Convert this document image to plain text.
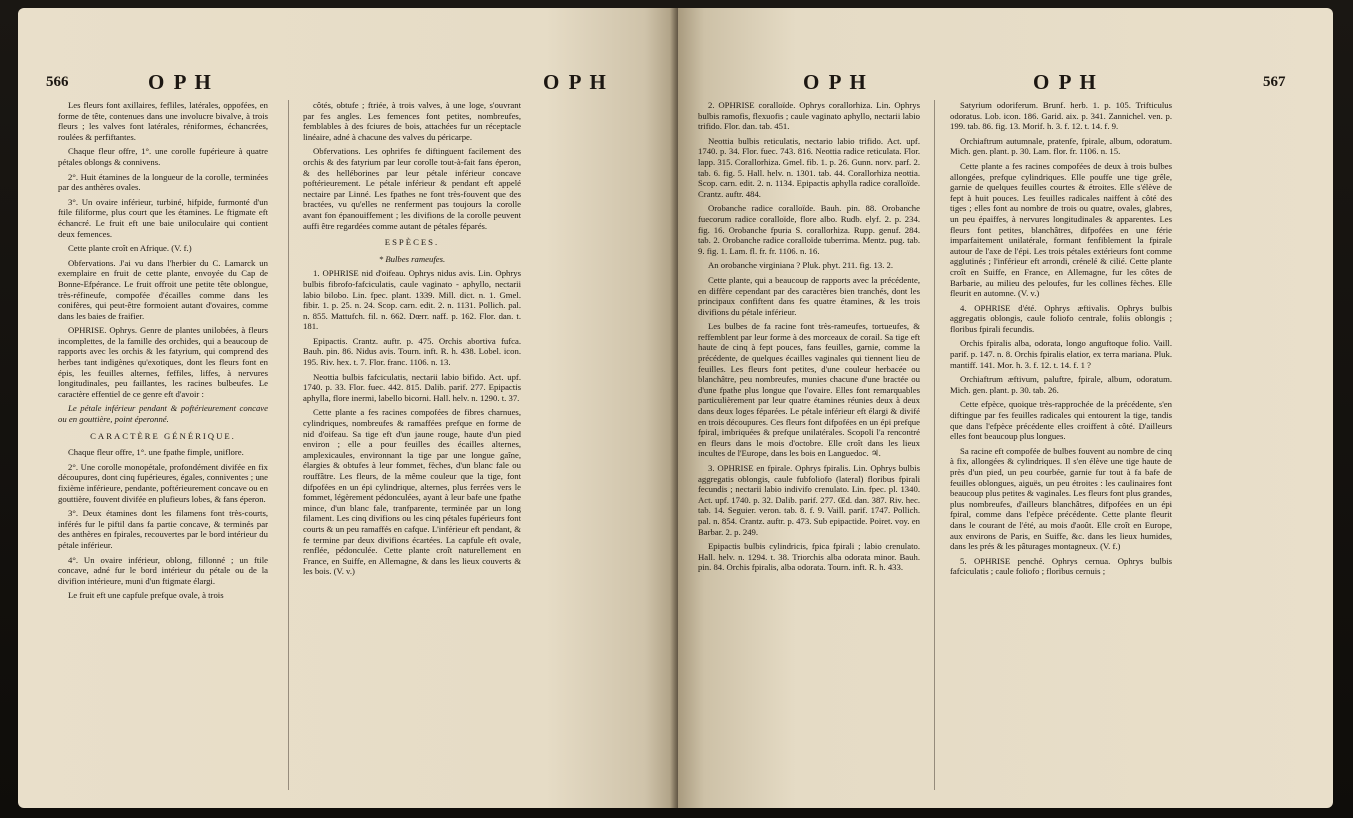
566	O P H	O P H

Les fleurs font axillaires, fefliles, latérales, oppofées, en forme de tête, contenues dans une involucre bivalve, à trois fleurs ; les valves font latérales, réniformes, échancrées, roulées & perfiftantes.

Chaque fleur offre, 1°. une corolle fupérieure à quatre pétales oblongs & connivens.

2°. Huit étamines de la longueur de la corolle, terminées par des anthères ovales.

3°. Un ovaire inférieur, turbiné, hifpide, furmonté d'un ftile filiforme, plus court que les étamines. Le ftigmate eft échancré. Le fruit eft une baie uniloculaire qui contient deux femences.

Cette plante croît en Afrique. (V. f.)

Obfervations. J'ai vu dans l'herbier du C. Lamarck un exemplaire en fruit de cette plante, envoyée du Cap de Bonne-Efpérance. Le fruit offroit une petite tête oblongue, très-réfineufe, compofée d'écailles comme dans les conifères, qui peut-être formoient autant d'ovaires, comme dans les baies de fraifier.

OPHRISE. Ophrys. Genre de plantes unilobées, à fleurs incomplettes, de la famille des orchides, qui a beaucoup de rapports avec les orchis & les fatyrium, qui comprend des herbes tant indigènes qu'exotiques, dont les fleurs font en épis, les feuilles alternes, feffiles, liffes, à nervures longitudinales, peu faillantes, les racines bulbeufes. Le caractère effentiel de ce genre eft d'avoir :

Le pétale inférieur pendant & poftérieurement concave ou en gouttière, point éperonné.

CARACTÈRE GÉNÉRIQUE.

Chaque fleur offre, 1°. une fpathe fimple, uniflore.

2°. Une corolle monopétale, profondément divifée en fix découpures, dont cinq fupérieures, égales, conniventes ; une fixième inférieure, pendante, poftérieurement concave ou en gouttière, fouvent divifée en plufieurs lobes, & fans éperon.

3°. Deux étamines dont les filamens font très-courts, inférés fur le piftil dans fa partie concave, & terminés par des anthères en fpirales, recouvertes par le bord intérieur du pétale inférieur.

4°. Un ovaire inférieur, oblong, fillonné ; un ftile concave, adné fur le bord intérieur du pétale ou de la divifion intérieure, muni d'un ftigmate élargi.

Le fruit eft une capfule prefque ovale, à trois

côtés, obtufe ; ftriée, à trois valves, à une loge, s'ouvrant par fes angles. Les femences font petites, nombreufes, femblables à des fciures de bois, attachées fur un réceptacle linéaire, adné à chacune des valves du péricarpe.

Obfervations. Les ophrifes fe diftinguent facilement des orchis & des fatyrium par leur corolle tout-à-fait fans éperon, & des helléborines par leur pétale inférieur concave poftérieurement. Le pétale inférieur & pendant eft appelé nectaire par Linné. Les fpathes ne font très-fouvent que des bractées, vu qu'elles ne renferment pas toujours la corolle avant fon épanouiffement ; les divifions de la corolle peuvent auffi être regardées comme autant de pétales féparés.

ESPÈCES.

* Bulbes rameufes.

1. OPHRISE nid d'oifeau. Ophrys nidus avis. Lin. Ophrys bulbis fibrofo-fafciculatis, caule vaginato - aphyllo, nectarii labio bilobo. Lin. fpec. plant. 1339. Mill. dict. n. 1. Gmel. fibir. 1. p. 25. n. 24. Scop. carn. edit. 2. n. 1131. Pollich. pal. n. 855. Mattufch. fil. n. 662. Dœrr. naff. p. 162. Flor. dan. t. 181.

Epipactis. Crantz. auftr. p. 475. Orchis abortiva fufca. Bauh. pin. 86. Nidus avis. Tourn. inft. R. h. 438. Lobel. icon. 195. Riv. hex. t. 7. Flor. franc. 1106. n. 13.

Neottia bulbis fafciculatis, nectarii labio bifido. Act. upf. 1740. p. 33. Flor. fuec. 442. 815. Dalib. parif. 277. Epipactis aphylla, flore inermi, labello bicorni. Hall. helv. n. 1290. t. 37.

Cette plante a fes racines compofées de fibres charnues, cylindriques, nombreufes & ramaffées prefque en forme de nid d'oifeau. Sa tige eft d'un jaune rouge, haute d'un pied environ ; elle a pour feuilles des écailles alternes, amplexicaules, environnant la tige par une longue gaîne, élargies & obtufes à leur fommet, fèches, d'un blanc fale ou rouffâtre. Les fleurs, de la même couleur que la tige, font difpofées en un épi cylindrique, alternes, plus ferrées vers le fommet, légèrement pédonculées, ayant à leur bafe une fpathe mince, d'un blanc fale, tranfparente, terminée par un long filament. Les cinq divifions ou les cinq pétales fupérieurs font courts & un peu ramaffés en cafque. L'inférieur eft pendant, & fe termine par deux divifions écartées. La capfule eft ovale, renflée, pédonculée. Cette plante croît naturellement en France, en Suiffe, en Allemagne, & dans les lieux couverts & les bois. (V. v.)

O P H	O P H	567

2. OPHRISE coralloïde. Ophrys corallorhiza. Lin. Ophrys bulbis ramofis, flexuofis ; caule vaginato aphyllo, nectarii labio trifido. Flor. dan. tab. 451.

Neottia bulbis reticulatis, nectario labio trifido. Act. upf. 1740. p. 34. Flor. fuec. 743. 816. Neottia radice reticulata. Flor. lapp. 315. Corallorhiza. Gmel. fib. 1. p. 26. Gunn. norv. parf. 2. tab. 6. fig. 5. Hall. helv. n. 1301. tab. 44. Corallorhiza neottia. Scop. carn. edit. 2. n. 1134. Epipactis aphylla radice coralloïde. Crantz. auftr. 484.

Orobanche radice coralloïde. Bauh. pin. 88. Orobanche fuecorum radice coralloïde, flore albo. Rudb. elyf. 2. p. 234. fig. 16. Orobanche fpuria S. corallorhiza. Rupp. genuf. 284. tab. 2. Orobanche radice coralloïde tuberrima. Mentz. pug. tab. 9. fig. 1. Lam. fl. fr. fr. 1106. n. 16.

An orobanche virginiana ? Pluk. phyt. 211. fig. 13. 2.

Cette plante, qui a beaucoup de rapports avec la précédente, en diffère cependant par des caractères bien tranchés, dont les principaux confiftent dans fes quatre étamines, & les trois divifions du pétale inférieur.

Les bulbes de fa racine font très-rameufes, tortueufes, & reffemblent par leur forme à des morceaux de corail. Sa tige eft haute de cinq à fept pouces, fans feuilles, garnie, comme la précédente, de quelques écailles vaginales qui tiennent lieu de feuilles. Les fleurs font petites, d'une couleur herbacée ou blanchâtre, peu nombreufes, munies chacune d'une bractée ou d'une fpathe plus longue que l'ovaire. Elles font remarquables particulièrement par leur quatre étamines réunies deux à deux dans deux loges féparées. Le pétale inférieur eft élargi & divifé en trois découpures. Ces fleurs font difpofées en un épi prefque fpiral, imbriquées & prefque unilatérales. Scopoli l'a rencontré en fleurs dans le mois d'octobre. Elle croît dans les lieux incultes de l'Europe, dans les bois en Languedoc. ♃.

3. OPHRISE en fpirale. Ophrys fpiralis. Lin. Ophrys bulbis aggregatis oblongis, caule fubfoliofo (lateral) floribus fpirali fecundis ; nectarii labio indivifo crenulato. Lin. fpec. pl. 1340. Act. upf. 1740. p. 32. Dalib. parif. 277. Œd. dan. 387. Riv. hec. tab. 14. Seguier. veron. tab. 8. f. 9. Vaill. parif. 1747. Pollich. pal. n. 854. Crantz. auftr. p. 473. Sub epipactide. Poiret. voy. en Barbar. 2. p. 249.

Epipactis bulbis cylindricis, fpica fpirali ; labio crenulato. Hall. helv. n. 1294. t. 38. Triorchis alba odorata minor. Bauh. pin. 84. Orchis fpiralis, alba odorata. Tourn. inft. R. h. 433.

Satyrium odoriferum. Brunf. herb. 1. p. 105. Trifticulus odoratus. Lob. icon. 186. Garid. aix. p. 341. Zannichel. ven. p. 199. tab. 86. fig. 13. Morif. h. 3. f. 12. t. 14. f. 9.

Orchiaftrum autumnale, pratenfe, fpirale, album, odoratum. Mich. gen. plant. p. 30. Lam. flor. fr. 1106. n. 15.

Cette plante a fes racines compofées de deux à trois bulbes allongées, prefque cylindriques. Elle pouffe une tige grêle, garnie de quelques feuilles courtes & étroites. Elle s'élève de fept à huit pouces. Les feuilles radicales naiffent à côté des tiges ; elles font au nombre de trois ou quatre, ovales, glabres, un peu épaiffes, à nervures longitudinales & apparentes. Les fleurs font petites, blanchâtres, difpofées en une férie imparfaitement unilatérale, formant fenfiblement la fpirale autour de l'axe de l'épi. Les trois pétales extérieurs font comme agglutinés ; l'inférieur eft arrondi, crénelé & cilié. Cette plante croît en Suiffe, en France, en Allemagne, fur les côtes de Barbarie, au milieu des peloufes, fur les collines fèches. Elle fleurit en automne. (V. v.)

4. OPHRISE d'été. Ophrys æftivalis. Ophrys bulbis aggregatis oblongis, caule foliofo centrale, foliis oblongis ; floribus fpirali fecundis.

Orchis fpiralis alba, odorata, longo anguftoque folio. Vaill. parif. p. 147. n. 8. Orchis fpiralis elatior, ex terra mariana. Pluk. mantiff. 141. Mor. h. 3. f. 12. t. 14. f. 1 ?

Orchiaftrum æftivum, paluftre, fpirale, album, odoratum. Mich. gen. plant. p. 30. tab. 26.

Cette efpèce, quoique très-rapprochée de la précédente, s'en diftingue par fes feuilles radicales qui entourent la tige, tandis que dans l'efpèce précédente elles croiffent à côté. D'ailleurs elles font beaucoup plus longues.

Sa racine eft compofée de bulbes fouvent au nombre de cinq à fix, allongées & cylindriques. Il s'en élève une tige haute de près d'un pied, un peu courbée, garnie fur tout à fa bafe de feuilles oblongues, aiguës, un peu étroites : les caulinaires font beaucoup plus petites & vaginales. Les fleurs font plus grandes, plus nombreufes, d'ailleurs blanchâtres, difpofées en un épi fpiral, comme dans l'efpèce précédente. Cette plante fleurit dans le courant de l'été, au mois d'août. Elle croît en Europe, aux environs de Paris, en Suiffe, &c. dans les lieux humides, dans les prés & les pâturages montagneux. (V. f.)

5. OPHRISE penché. Ophrys cernua. Ophrys bulbis fafciculatis ; caule foliofo ; floribus cernuis ;
